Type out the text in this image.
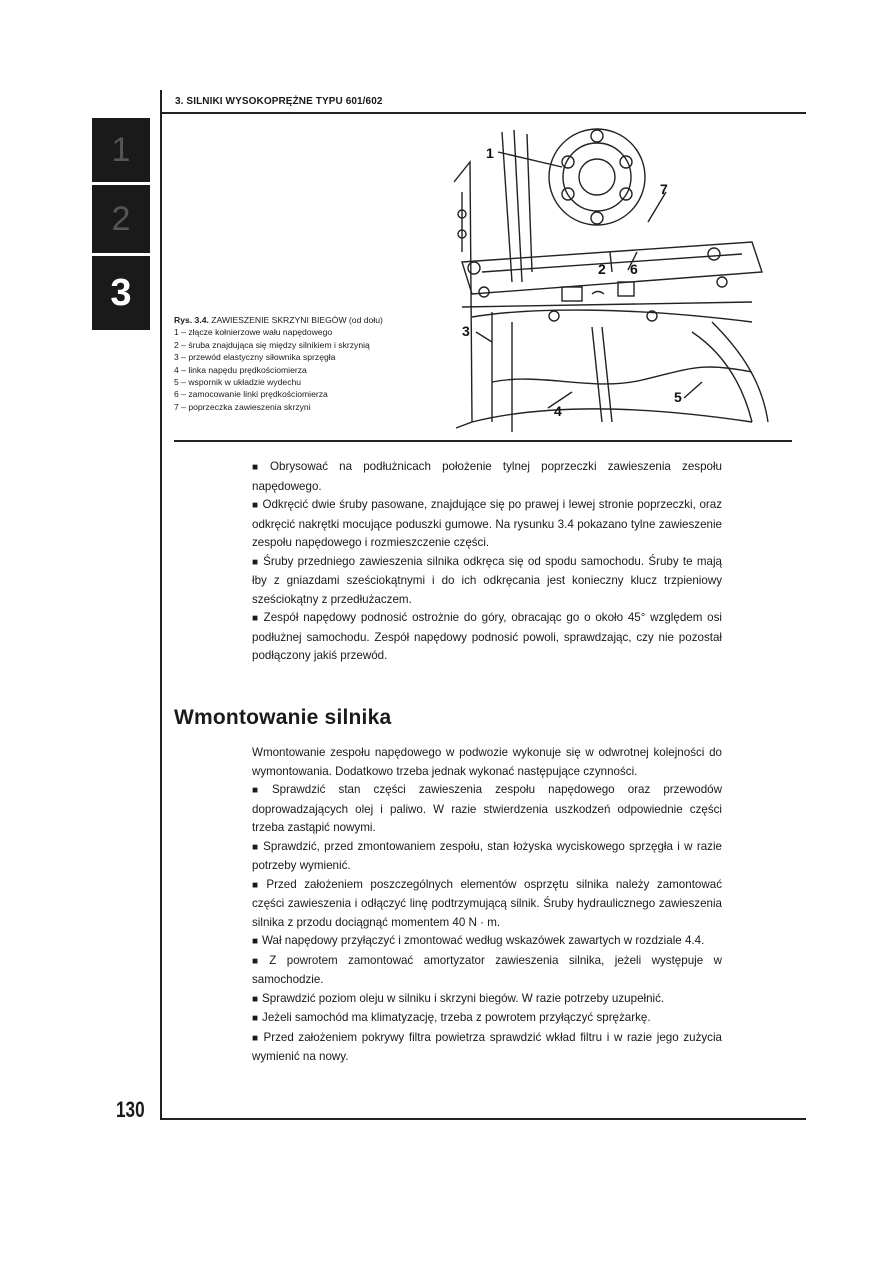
3. SILNIKI WYSOKOPRĘŻNE TYPU 601/602
1
2
3
Rys. 3.4. ZAWIESZENIE SKRZYNI BIEGÓW (od dołu)
1 – złącze kołnierzowe wału napędowego
2 – śruba znajdująca się między silnikiem i skrzynią
3 – przewód elastyczny siłownika sprzęgła
4 – linka napędu prędkościomierza
5 – wspornik w układzie wydechu
6 – zamocowanie linki prędkościomierza
7 – poprzeczka zawieszenia skrzyni
1
2
3
4
5
6
7

■ Obrysować na podłużnicach położenie tylnej poprzeczki zawieszenia zespołu napędowego.

■ Odkręcić dwie śruby pasowane, znajdujące się po prawej i lewej stronie poprzeczki, oraz odkręcić nakrętki mocujące poduszki gumowe. Na rysunku 3.4 pokazano tylne zawieszenie zespołu napędowego i rozmieszczenie części.

■ Śruby przedniego zawieszenia silnika odkręca się od spodu samochodu. Śruby te mają łby z gniazdami sześciokątnymi i do ich odkręcania jest konieczny klucz trzpieniowy sześciokątny z przedłużaczem.

■ Zespół napędowy podnosić ostrożnie do góry, obracając go o około 45° względem osi podłużnej samochodu. Zespół napędowy podnosić powoli, sprawdzając, czy nie pozostał podłączony jakiś przewód.

Wmontowanie silnika

Wmontowanie zespołu napędowego w podwozie wykonuje się w odwrotnej kolejności do wymontowania. Dodatkowo trzeba jednak wykonać następujące czynności.

■ Sprawdzić stan części zawieszenia zespołu napędowego oraz przewodów doprowadzających olej i paliwo. W razie stwierdzenia uszkodzeń odpowiednie części trzeba zastąpić nowymi.

■ Sprawdzić, przed zmontowaniem zespołu, stan łożyska wyciskowego sprzęgła i w razie potrzeby wymienić.

■ Przed założeniem poszczególnych elementów osprzętu silnika należy zamontować części zawieszenia i odłączyć linę podtrzymującą silnik. Śruby hydraulicznego zawieszenia silnika z przodu dociągnąć momentem 40 N · m.

■ Wał napędowy przyłączyć i zmontować według wskazówek zawartych w rozdziale 4.4.

■ Z powrotem zamontować amortyzator zawieszenia silnika, jeżeli występuje w samochodzie.

■ Sprawdzić poziom oleju w silniku i skrzyni biegów. W razie potrzeby uzupełnić.

■ Jeżeli samochód ma klimatyzację, trzeba z powrotem przyłączyć sprężarkę.

■ Przed założeniem pokrywy filtra powietrza sprawdzić wkład filtru i w razie jego zużycia wymienić na nowy.

130
